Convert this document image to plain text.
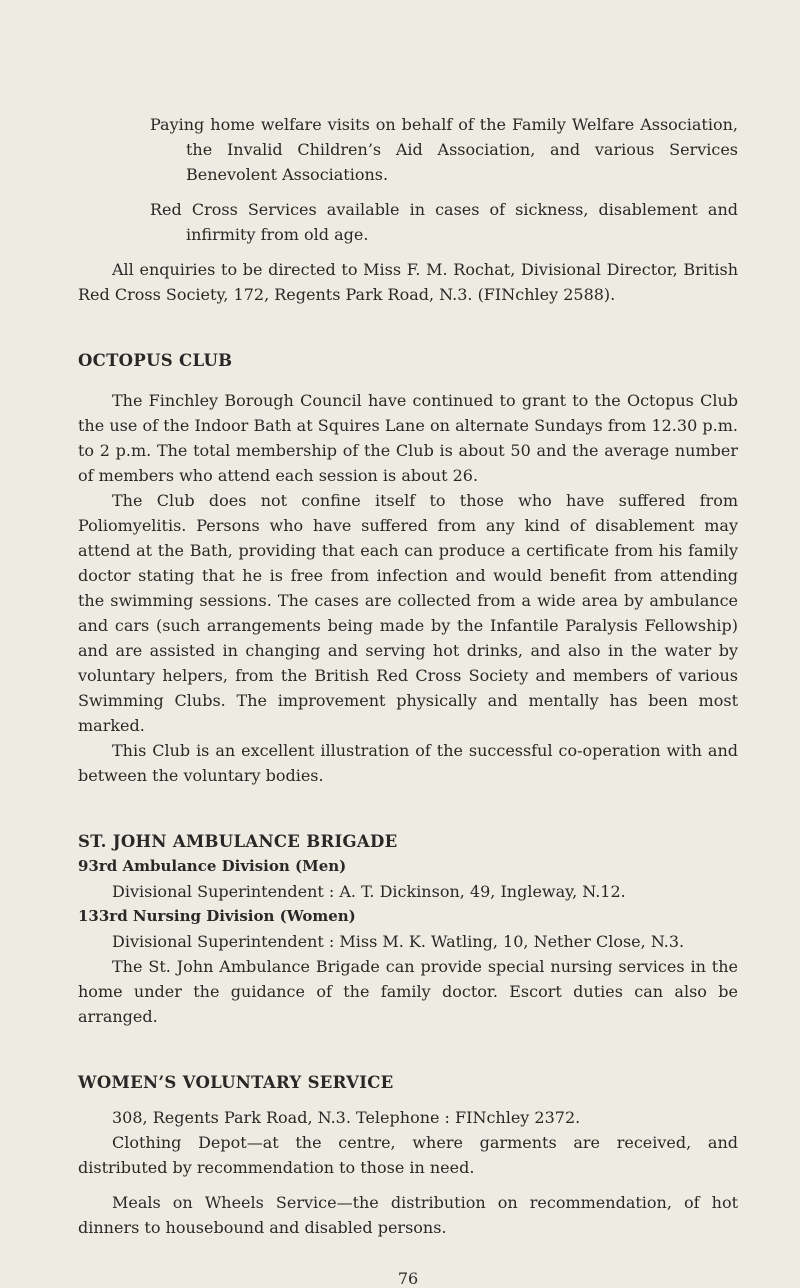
Paying home welfare visits on behalf of the Family Welfare Association, the Invalid Children’s Aid Association, and various Services Benevolent Associations.

Red Cross Services available in cases of sickness, disablement and infirmity from old age.

All enquiries to be directed to Miss F. M. Rochat, Divisional Director, British Red Cross Society, 172, Regents Park Road, N.3. (FINchley 2588).

OCTOPUS CLUB

The Finchley Borough Council have continued to grant to the Octopus Club the use of the Indoor Bath at Squires Lane on alternate Sundays from 12.30 p.m. to 2 p.m. The total membership of the Club is about 50 and the average number of members who attend each session is about 26.

The Club does not confine itself to those who have suffered from Poliomyelitis. Persons who have suffered from any kind of disablement may attend at the Bath, providing that each can produce a certificate from his family doctor stating that he is free from infection and would benefit from attending the swimming sessions. The cases are collected from a wide area by ambulance and cars (such arrangements being made by the Infantile Paralysis Fellowship) and are assisted in changing and serving hot drinks, and also in the water by voluntary helpers, from the British Red Cross Society and members of various Swimming Clubs. The improvement physically and mentally has been most marked.

This Club is an excellent illustration of the successful co-operation with and between the voluntary bodies.

ST. JOHN AMBULANCE BRIGADE

93rd Ambulance Division (Men)

Divisional Superintendent : A. T. Dickinson, 49, Ingleway, N.12.

133rd Nursing Division (Women)

Divisional Superintendent : Miss M. K. Watling, 10, Nether Close, N.3.

The St. John Ambulance Brigade can provide special nursing services in the home under the guidance of the family doctor. Escort duties can also be arranged.

WOMEN’S VOLUNTARY SERVICE

308, Regents Park Road, N.3. Telephone : FINchley 2372.

Clothing Depot—at the centre, where garments are received, and distributed by recommendation to those in need.

Meals on Wheels Service—the distribution on recommendation, of hot dinners to housebound and disabled persons.

76
